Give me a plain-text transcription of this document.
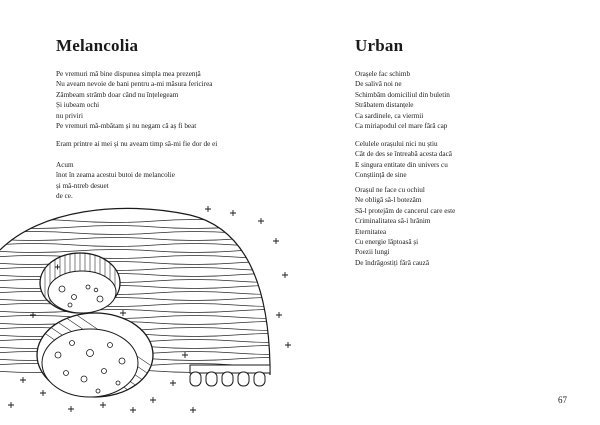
Melancolia
Pe vremuri mă bine dispunea simpla mea prezență
Nu aveam nevoie de bani pentru a-mi măsura fericirea
Zâmbeam strâmb doar când nu înțelegeam
Și iubeam ochi
nu priviri
Pe vremuri mă-mbătam și nu negam că aș fi beat
Eram printre ai mei și nu aveam timp să-mi fie dor de ei
Acum
înot în zeama acestui butoi de melancolie
și mă-ntreb desuet
de ce.
Urban
Orașele fac schimb
De salivă noi ne
Schimbăm domiciliul din buletin
Străbatem distanțele
Ca sardinele, ca viermii
Ca miriapodul cel mare fără cap
Celulele orașului nici nu știu
Cât de des se întreabă acesta dacă
E singura entitate din univers cu
Conștiință de sine
Orașul ne face cu ochiul
Ne obligă să-l botezăm
Să-l protejăm de cancerul care este
Criminalitatea să-i hrănim
Eternitatea
Cu energie lăptoasă și
Poezii lungi
De îndrăgostiți fără cauză
67
